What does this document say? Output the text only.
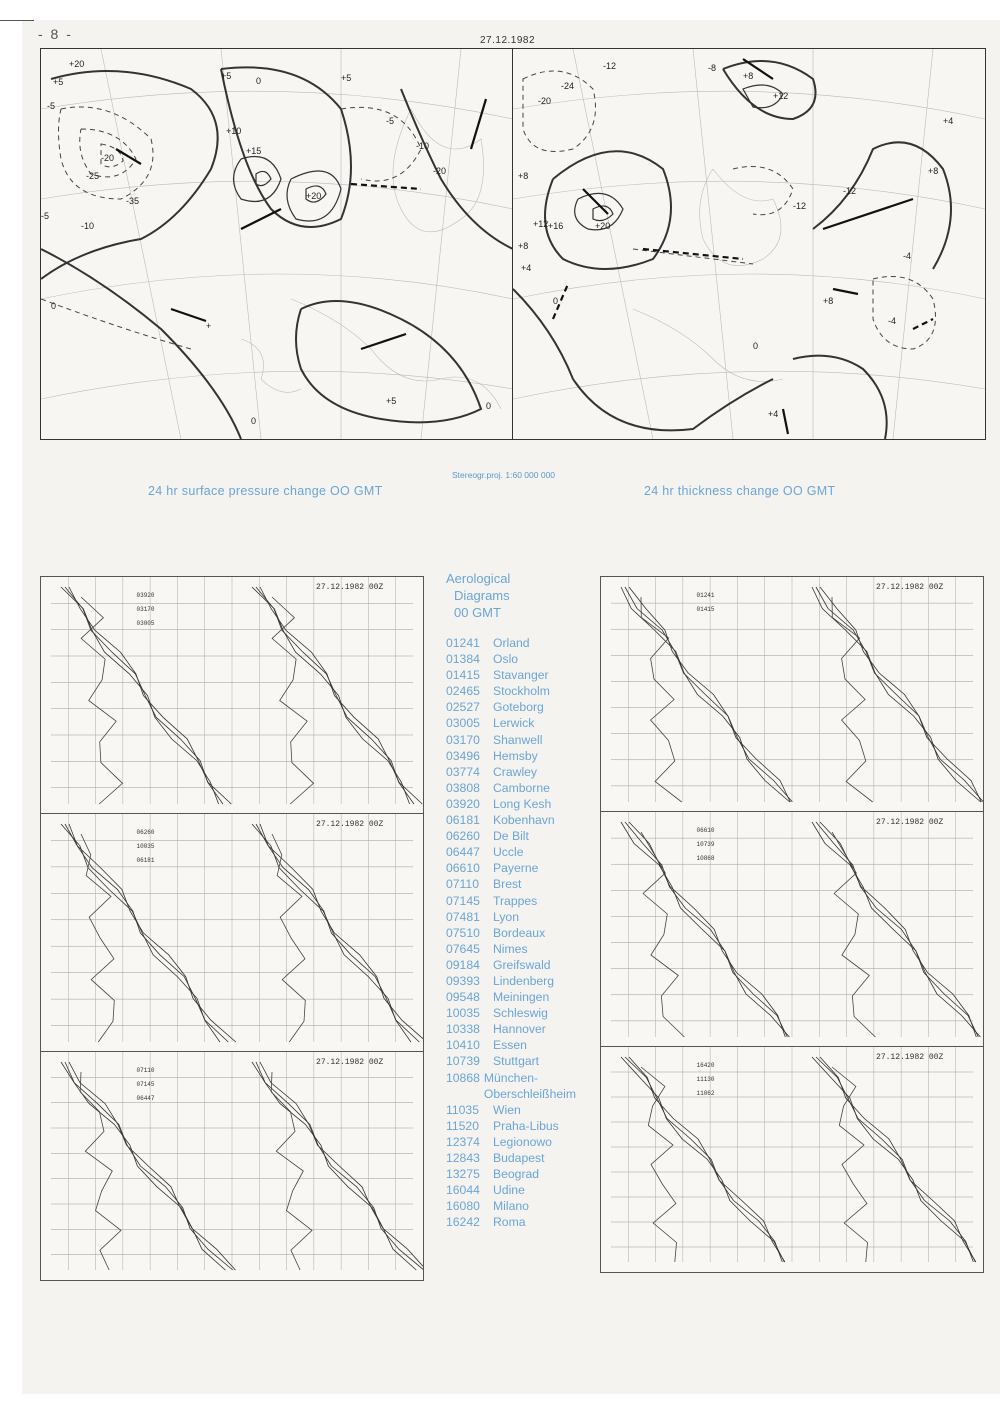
- 8 -	27.12.1982
+20
+5
-5
-20
-25
-35
+5	0	+5
+10
+15
+20
-5
-10
-20
0
+
+5
0
0
-5
-10
-24
-20
-12	-8
+8
+12
+8
+12 +16	+20
+8
+4
0
-12
-12
+8
+8
0
+4
+4
-4
-4
24 hr surface pressure change OO GMT
Stereogr.proj. 1:60 000 000
24 hr thickness change OO GMT
27.12.1982 00Z
03920
03170
03005
27.12.1982 00Z
06260
10035
06181
27.12.1982 00Z
07110
07145
06447
27.12.1982 00Z
01241
01415
27.12.1982 00Z
06610
10739
10868
27.12.1982 00Z
16420
11130
11062
Aerological
Diagrams
00 GMT
01241	Orland
01384	Oslo
01415	Stavanger
02465	Stockholm
02527	Goteborg
03005	Lerwick
03170	Shanwell
03496	Hemsby
03774	Crawley
03808	Camborne
03920	Long Kesh
06181	Kobenhavn
06260	De Bilt
06447	Uccle
06610	Payerne
07110	Brest
07145	Trappes
07481	Lyon
07510	Bordeaux
07645	Nimes
09184	Greifswald
09393	Lindenberg
09548	Meiningen
10035	Schleswig
10338	Hannover
10410	Essen
10739	Stuttgart
10868 München-
Oberschleißheim
11035	Wien
11520	Praha-Libus
12374	Legionowo
12843	Budapest
13275	Beograd
16044	Udine
16080	Milano
16242	Roma
